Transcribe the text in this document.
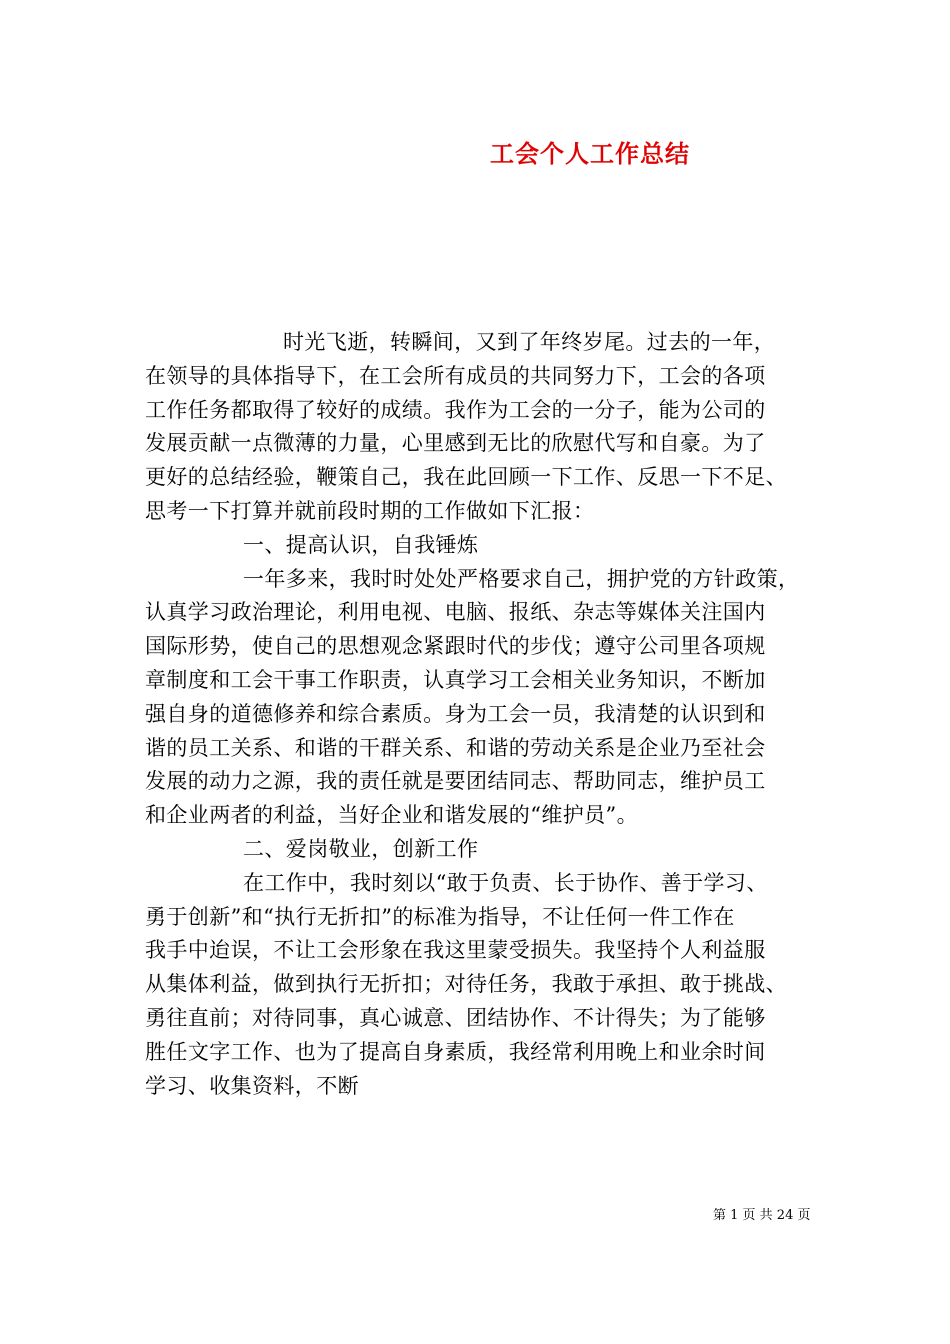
工会个人工作总结
时光飞逝，转瞬间，又到了年终岁尾。过去的一年，
在领导的具体指导下，在工会所有成员的共同努力下，工会的各项
工作任务都取得了较好的成绩。我作为工会的一分子，能为公司的
发展贡献一点微薄的力量，心里感到无比的欣慰代写和自豪。为了
更好的总结经验，鞭策自己，我在此回顾一下工作、反思一下不足、
思考一下打算并就前段时期的工作做如下汇报：
一、提高认识，自我锤炼
一年多来，我时时处处严格要求自己，拥护党的方针政策，
认真学习政治理论，利用电视、电脑、报纸、杂志等媒体关注国内
国际形势，使自己的思想观念紧跟时代的步伐；遵守公司里各项规
章制度和工会干事工作职责，认真学习工会相关业务知识，不断加
强自身的道德修养和综合素质。身为工会一员，我清楚的认识到和
谐的员工关系、和谐的干群关系、和谐的劳动关系是企业乃至社会
发展的动力之源，我的责任就是要团结同志、帮助同志，维护员工
和企业两者的利益，当好企业和谐发展的“维护员”。
二、爱岗敬业，创新工作
在工作中，我时刻以“敢于负责、长于协作、善于学习、
勇于创新”和“执行无折扣”的标准为指导，不让任何一件工作在
我手中迨误，不让工会形象在我这里蒙受损失。我坚持个人利益服
从集体利益，做到执行无折扣；对待任务，我敢于承担、敢于挑战、
勇往直前；对待同事，真心诚意、团结协作、不计得失；为了能够
胜任文字工作、也为了提高自身素质，我经常利用晚上和业余时间
学习、收集资料，不断
第 1 页 共 24 页
